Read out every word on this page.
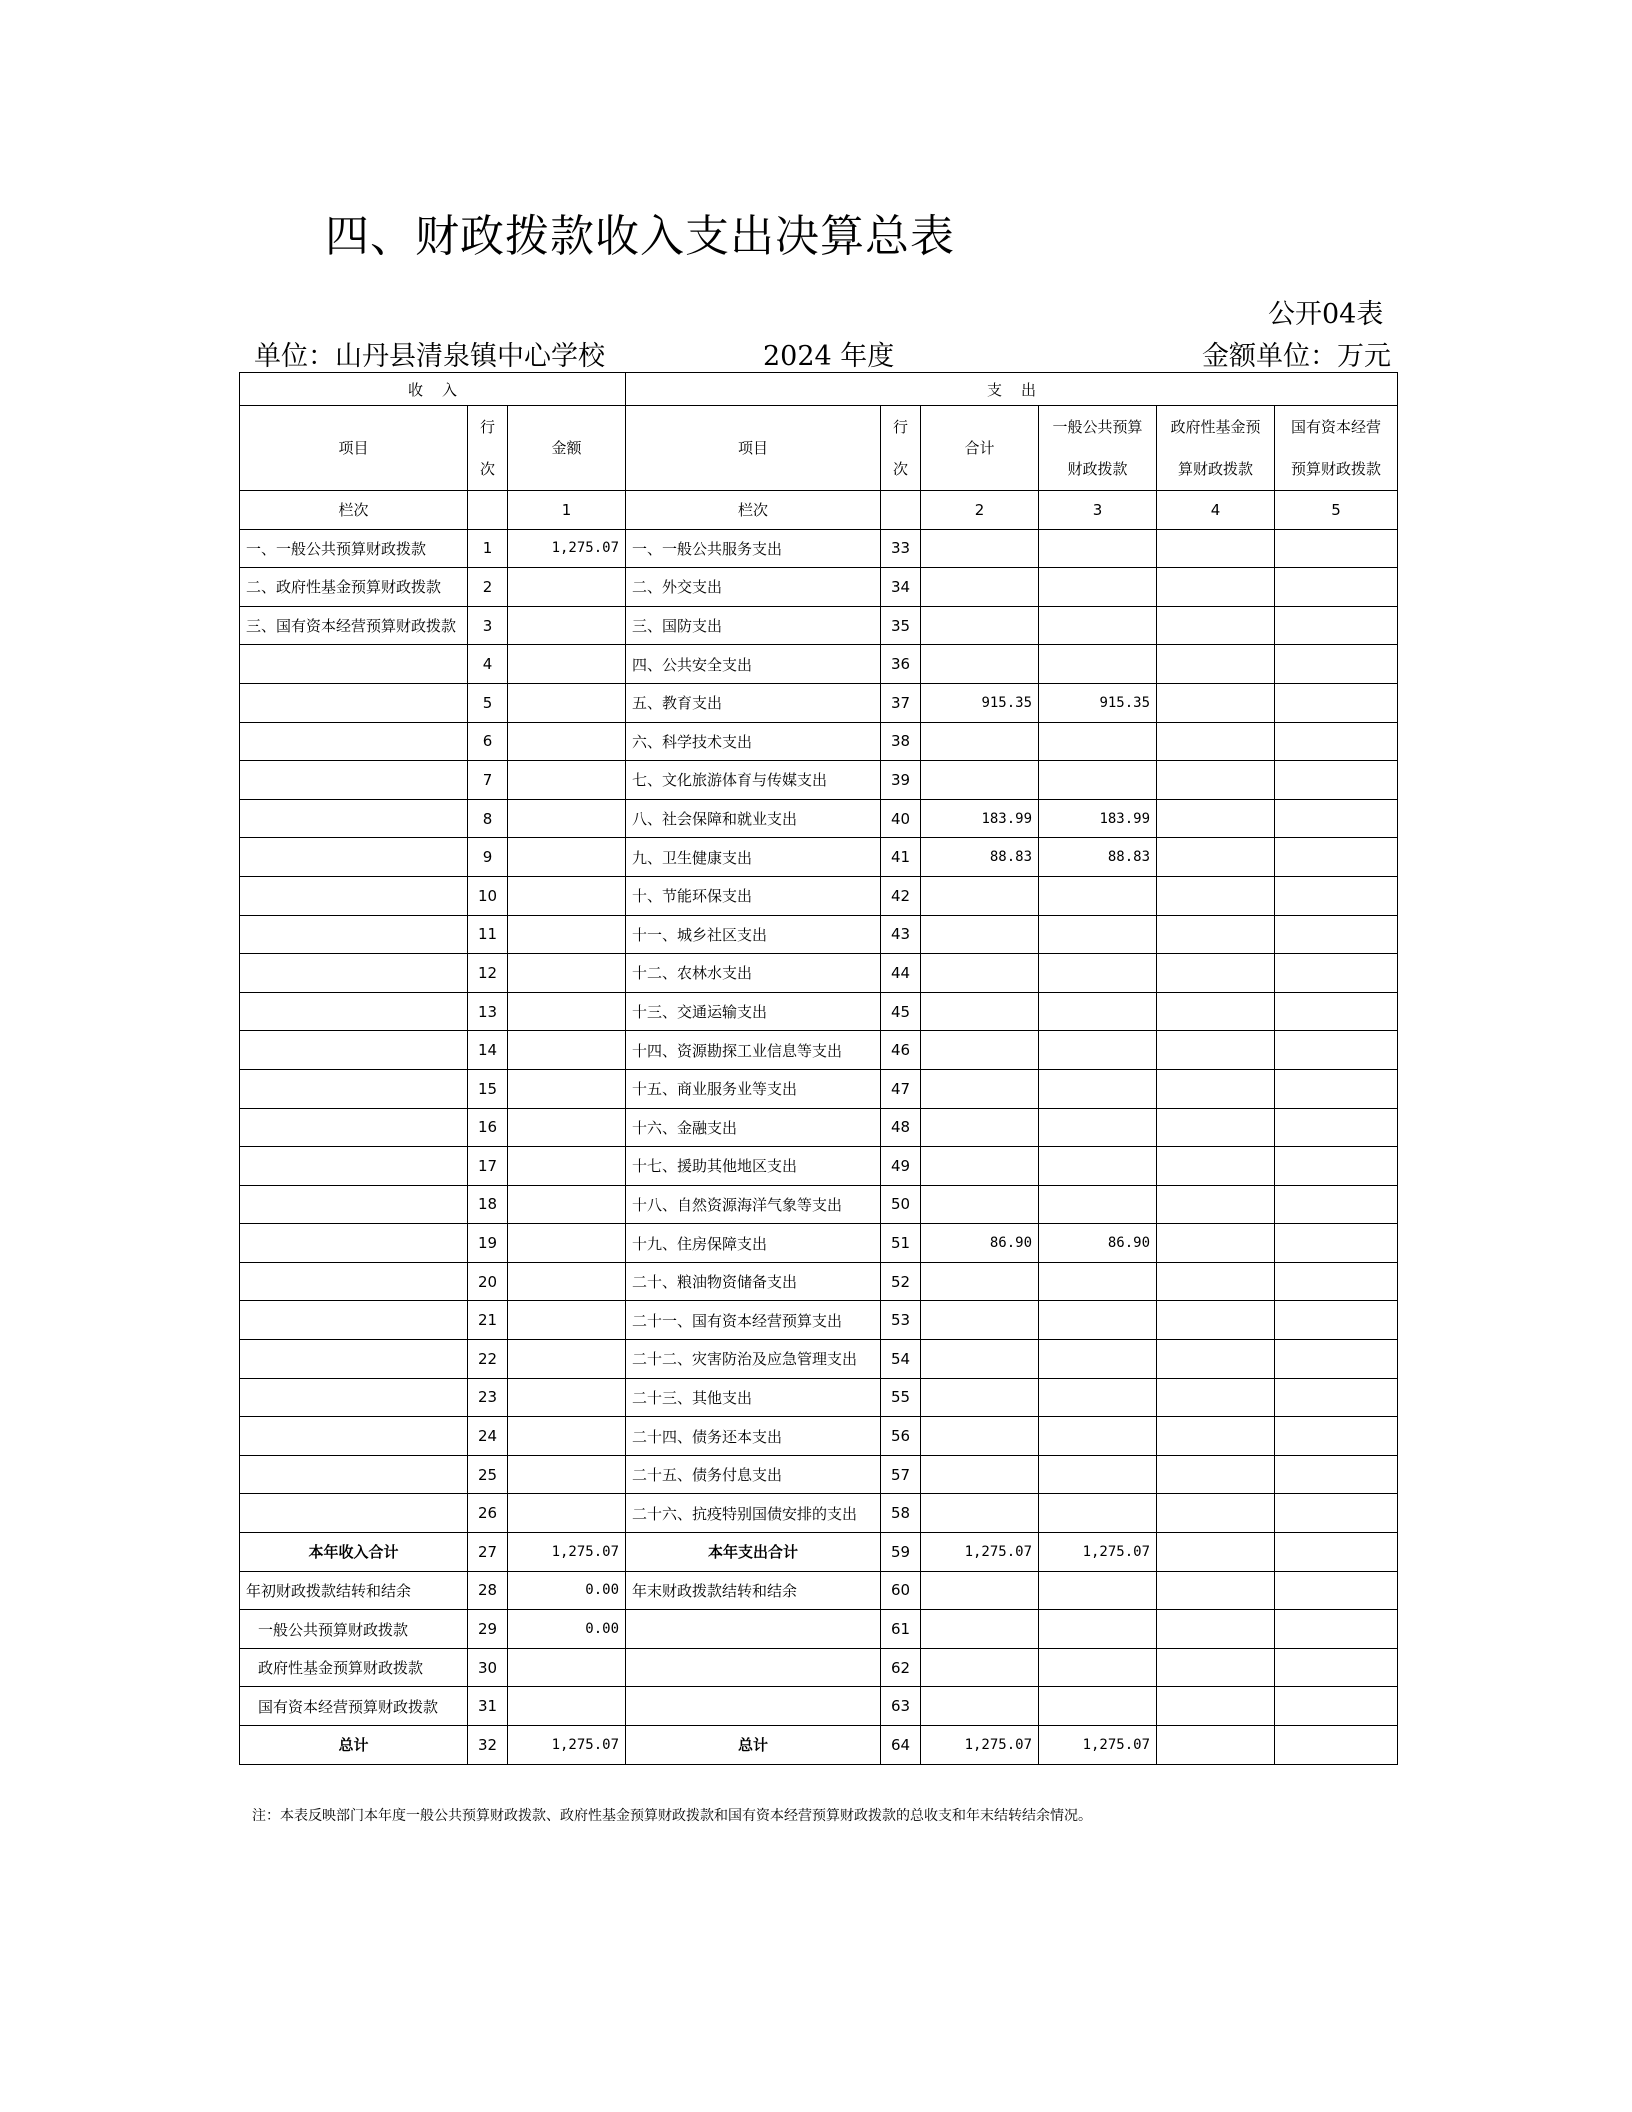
四、财政拨款收入支出决算总表
公开04表
单位：山丹县清泉镇中心学校	2024 年度	金额单位：万元
收    入			支    出					
项目	行次	金额	项目	行次	合计	一般公共预算财政拨款	政府性基金预算财政拨款	国有资本经营预算财政拨款
栏次		1	栏次		2	3	4	5
一、一般公共预算财政拨款	1	1,275.07	一、一般公共服务支出	33				
二、政府性基金预算财政拨款	2		二、外交支出	34				
三、国有资本经营预算财政拨款	3		三、国防支出	35				
	4		四、公共安全支出	36				
	5		五、教育支出	37	915.35	915.35		
	6		六、科学技术支出	38				
	7		七、文化旅游体育与传媒支出	39				
	8		八、社会保障和就业支出	40	183.99	183.99		
	9		九、卫生健康支出	41	88.83	88.83		
	10		十、节能环保支出	42				
	11		十一、城乡社区支出	43				
	12		十二、农林水支出	44				
	13		十三、交通运输支出	45				
	14		十四、资源勘探工业信息等支出	46				
	15		十五、商业服务业等支出	47				
	16		十六、金融支出	48				
	17		十七、援助其他地区支出	49				
	18		十八、自然资源海洋气象等支出	50				
	19		十九、住房保障支出	51	86.90	86.90		
	20		二十、粮油物资储备支出	52				
	21		二十一、国有资本经营预算支出	53				
	22		二十二、灾害防治及应急管理支出	54				
	23		二十三、其他支出	55				
	24		二十四、债务还本支出	56				
	25		二十五、债务付息支出	57				
	26		二十六、抗疫特别国债安排的支出	58				
本年收入合计	27	1,275.07	本年支出合计	59	1,275.07	1,275.07		
年初财政拨款结转和结余	28	0.00	年末财政拨款结转和结余	60				
一般公共预算财政拨款	29	0.00		61				
政府性基金预算财政拨款	30			62				
国有资本经营预算财政拨款	31			63				
总计	32	1,275.07	总计	64	1,275.07	1,275.07		
注：本表反映部门本年度一般公共预算财政拨款、政府性基金预算财政拨款和国有资本经营预算财政拨款的总收支和年末结转结余情况。
